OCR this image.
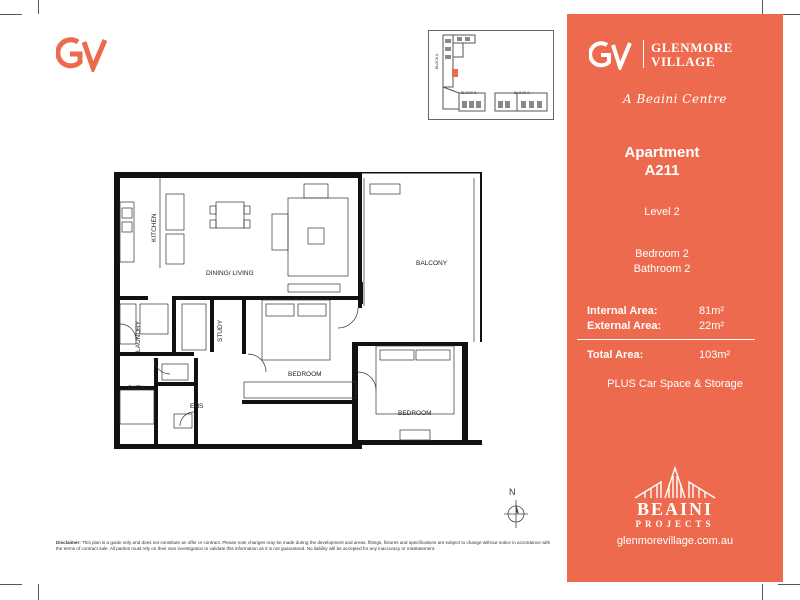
BLOCK A
BLOCK B	BLOCK C
KITCHEN
DINING/ LIVING
BALCONY
LAUNDRY	STUDY
BEDROOM
BEDROOM
BATH
ENS
N
Disclaimer: This plan is a guide only and does not constitute an offer or contract. Please note changes may be made during the development and areas, fittings, fixtures and specifications are subject to change without notice in accordance with the terms of contract sale. All parties must rely on their own investigation to validate this information as it is not guaranteed. No liability will be accepted for any inaccuracy or misstatement.
GLENMORE
VILLAGE
A Beaini Centre
Apartment
A211
Level 2
Bedroom 2
Bathroom 2
Internal Area:	81m²
External Area:	22m²
Total Area:	103m²
PLUS Car Space & Storage
BEAINI
PROJECTS
glenmorevillage.com.au
